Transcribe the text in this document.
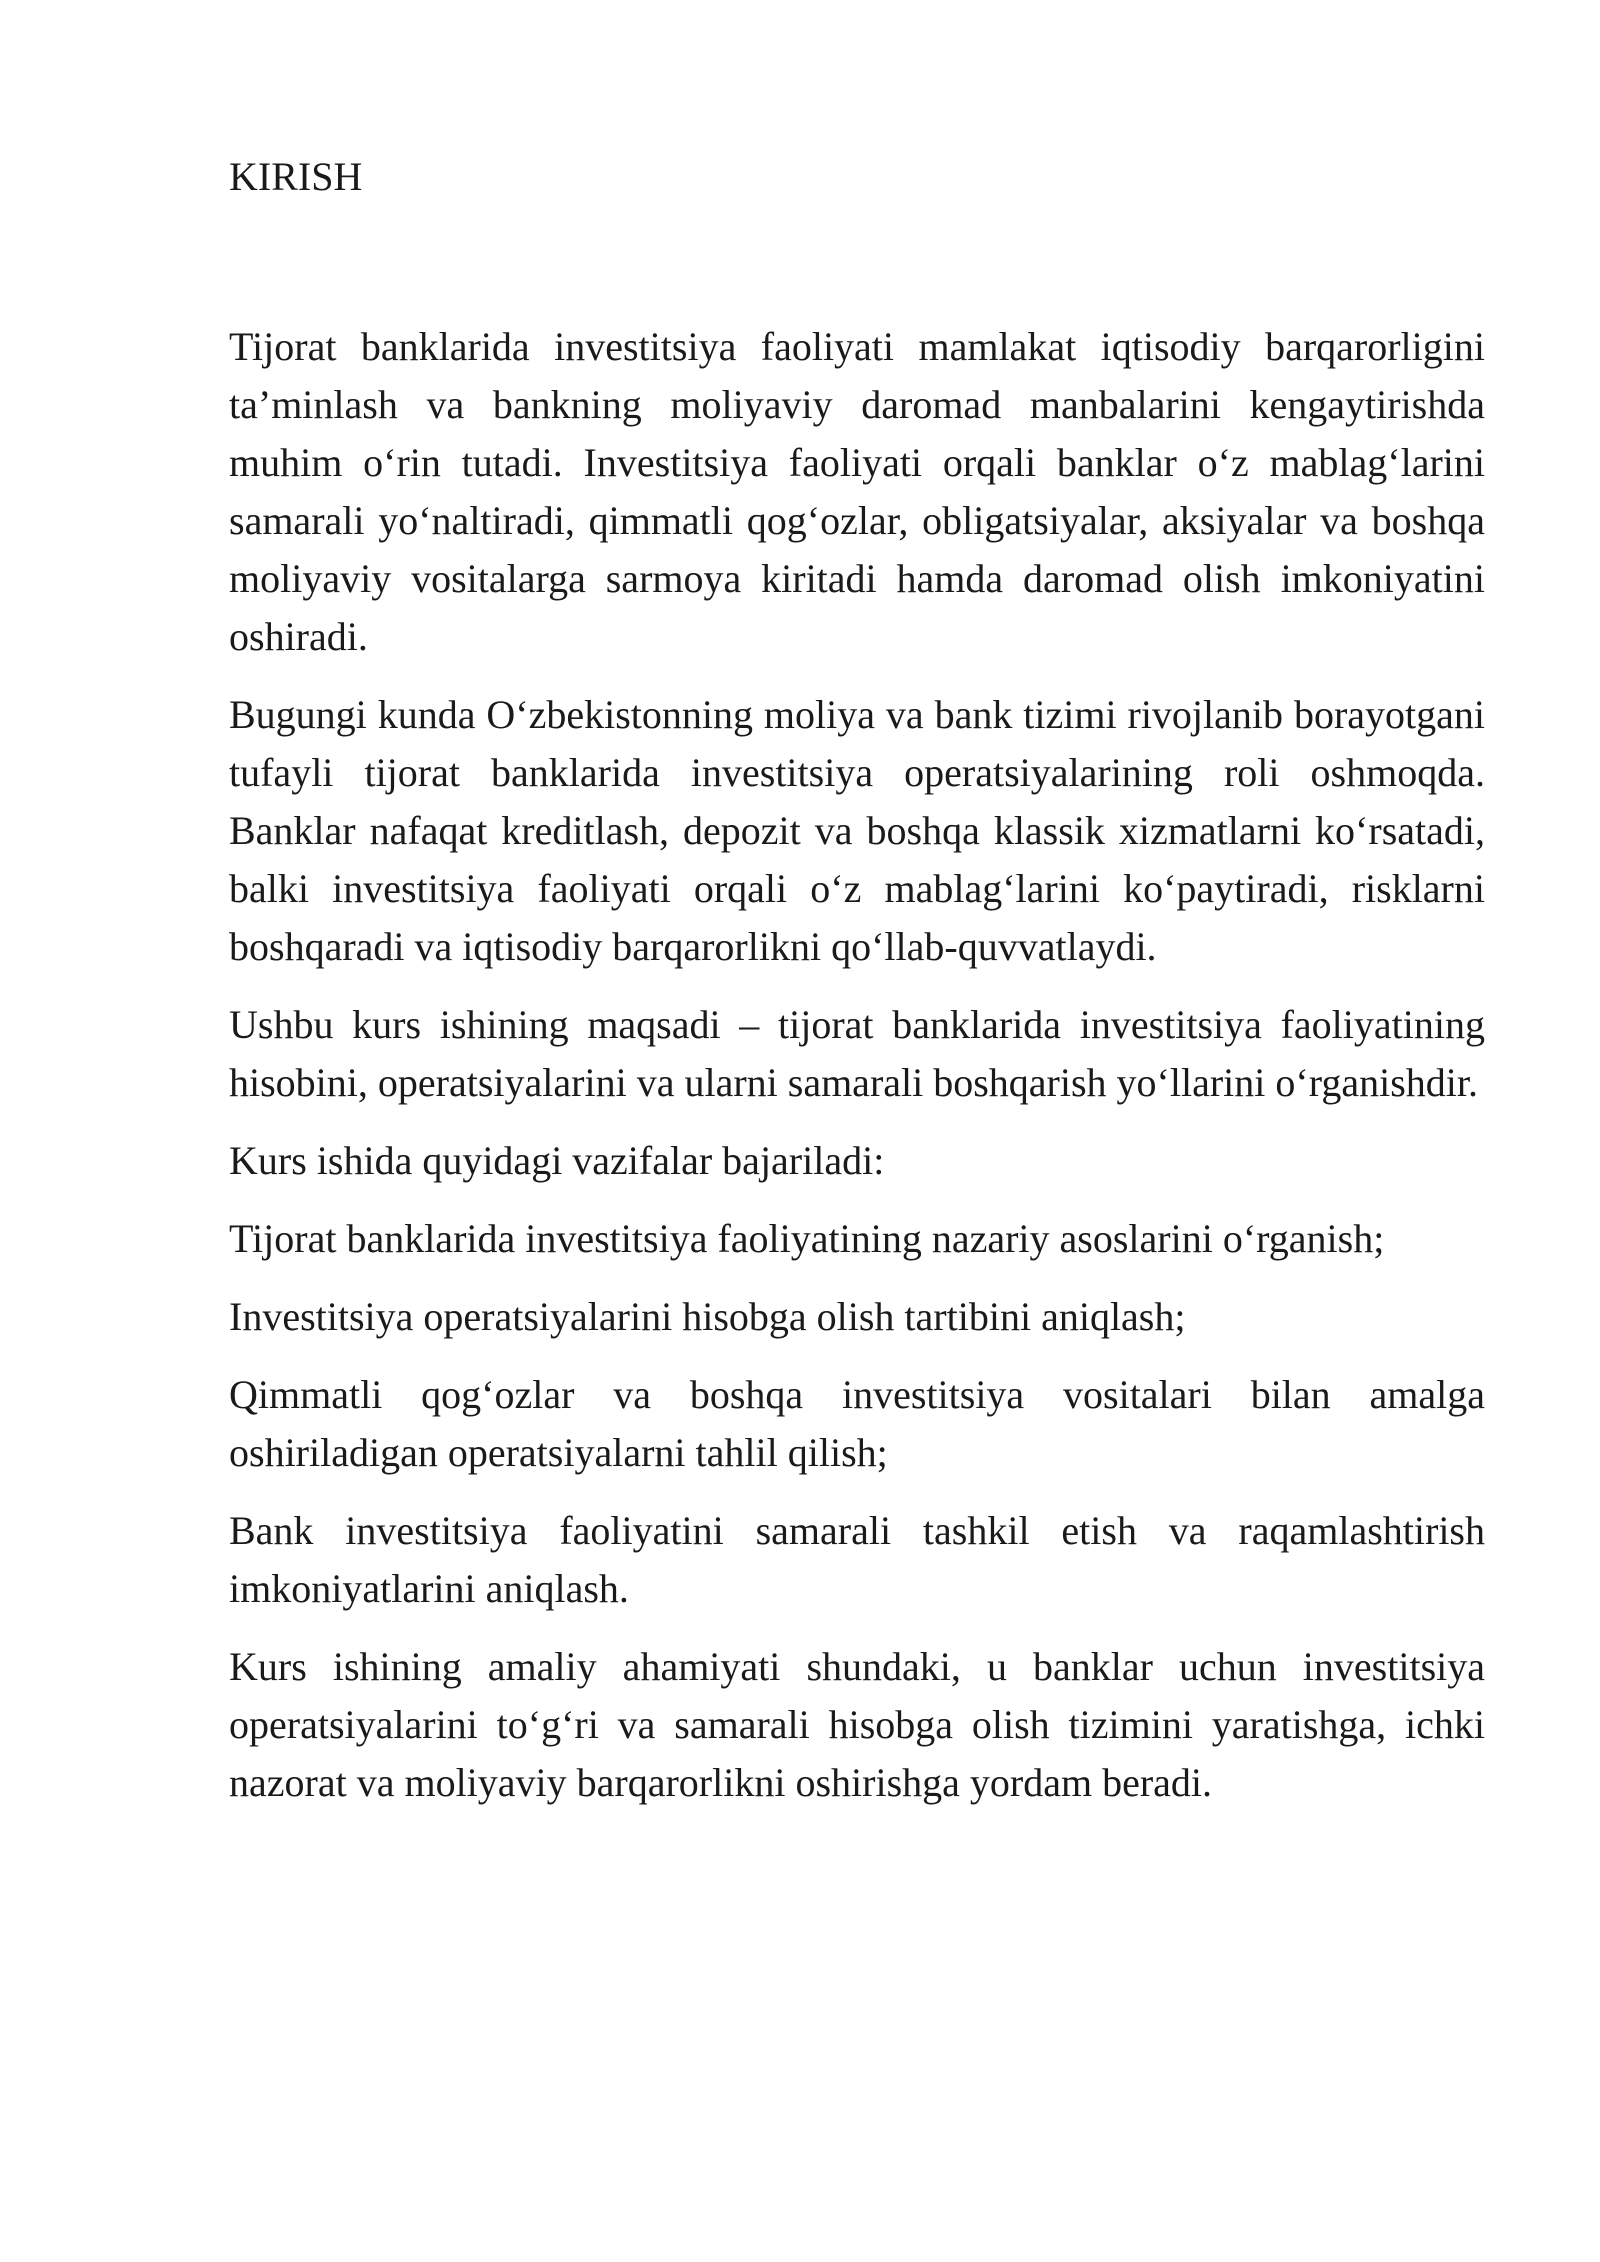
KIRISH

Tijorat banklarida investitsiya faoliyati mamlakat iqtisodiy barqarorligini ta’minlash va bankning moliyaviy daromad manbalarini kengaytirishda muhim o‘rin tutadi. Investitsiya faoliyati orqali banklar o‘z mablag‘larini samarali yo‘naltiradi, qimmatli qog‘ozlar, obligatsiyalar, aksiyalar va boshqa moliyaviy vositalarga sarmoya kiritadi hamda daromad olish imkoniyatini oshiradi.

Bugungi kunda O‘zbekistonning moliya va bank tizimi rivojlanib borayotgani tufayli tijorat banklarida investitsiya operatsiyalarining roli oshmoqda. Banklar nafaqat kreditlash, depozit va boshqa klassik xizmatlarni ko‘rsatadi, balki investitsiya faoliyati orqali o‘z mablag‘larini ko‘paytiradi, risklarni boshqaradi va iqtisodiy barqarorlikni qo‘llab-quvvatlaydi.

Ushbu kurs ishining maqsadi – tijorat banklarida investitsiya faoliyatining hisobini, operatsiyalarini va ularni samarali boshqarish yo‘llarini o‘rganishdir.

Kurs ishida quyidagi vazifalar bajariladi:

Tijorat banklarida investitsiya faoliyatining nazariy asoslarini o‘rganish;

Investitsiya operatsiyalarini hisobga olish tartibini aniqlash;

Qimmatli qog‘ozlar va boshqa investitsiya vositalari bilan amalga oshiriladigan operatsiyalarni tahlil qilish;

Bank investitsiya faoliyatini samarali tashkil etish va raqamlashtirish imkoniyatlarini aniqlash.

Kurs ishining amaliy ahamiyati shundaki, u banklar uchun investitsiya operatsiyalarini to‘g‘ri va samarali hisobga olish tizimini yaratishga, ichki nazorat va moliyaviy barqarorlikni oshirishga yordam beradi.
